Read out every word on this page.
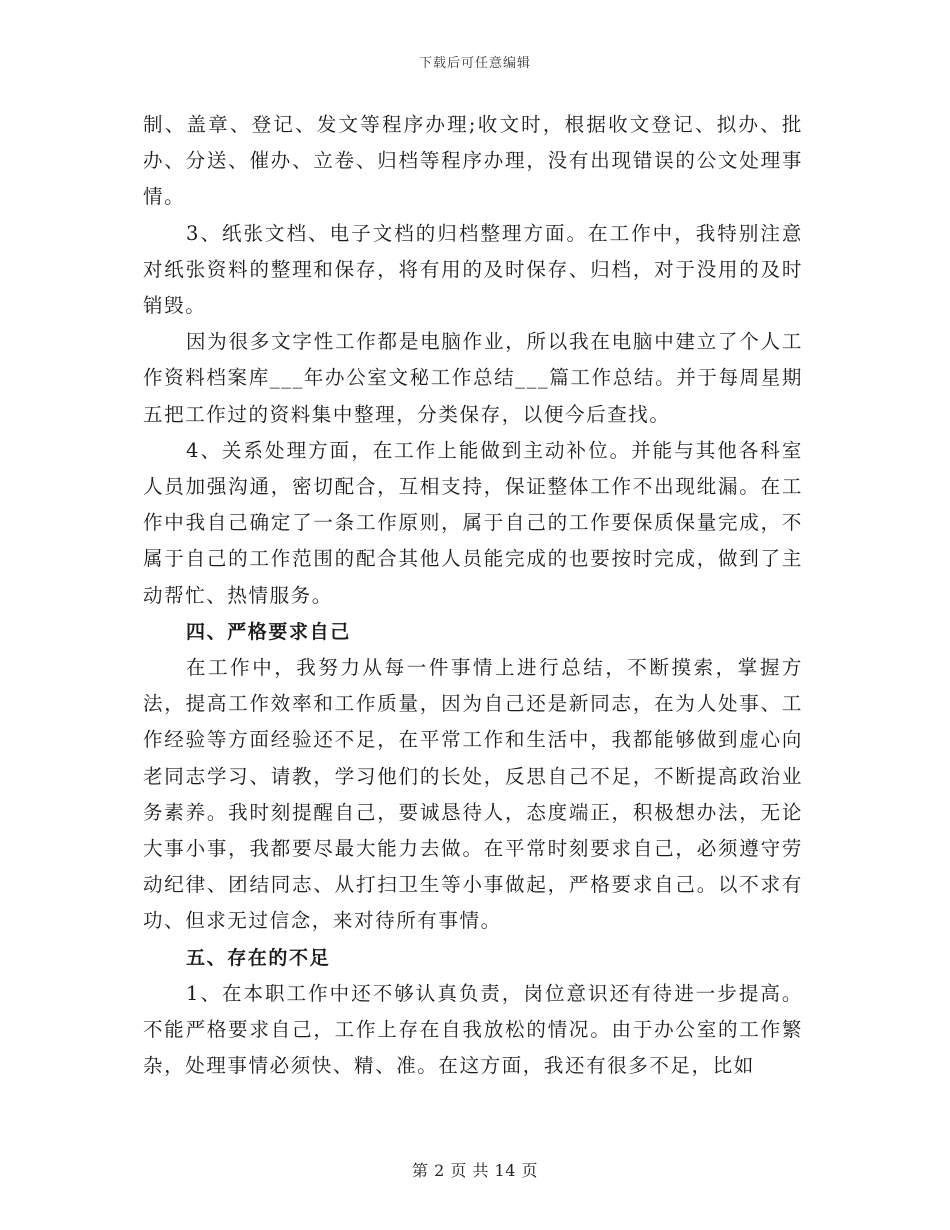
下载后可任意编辑

制、盖章、登记、发文等程序办理;收文时，根据收文登记、拟办、批办、分送、催办、立卷、归档等程序办理，没有出现错误的公文处理事情。

3、纸张文档、电子文档的归档整理方面。在工作中，我特别注意对纸张资料的整理和保存，将有用的及时保存、归档，对于没用的及时销毁。

因为很多文字性工作都是电脑作业，所以我在电脑中建立了个人工作资料档案库___年办公室文秘工作总结___篇工作总结。并于每周星期五把工作过的资料集中整理，分类保存，以便今后查找。

4、关系处理方面，在工作上能做到主动补位。并能与其他各科室人员加强沟通，密切配合，互相支持，保证整体工作不出现纰漏。在工作中我自己确定了一条工作原则，属于自己的工作要保质保量完成，不属于自己的工作范围的配合其他人员能完成的也要按时完成，做到了主动帮忙、热情服务。

四、严格要求自己

在工作中，我努力从每一件事情上进行总结，不断摸索，掌握方法，提高工作效率和工作质量，因为自己还是新同志，在为人处事、工作经验等方面经验还不足，在平常工作和生活中，我都能够做到虚心向老同志学习、请教，学习他们的长处，反思自己不足，不断提高政治业务素养。我时刻提醒自己，要诚恳待人，态度端正，积极想办法，无论大事小事，我都要尽最大能力去做。在平常时刻要求自己，必须遵守劳动纪律、团结同志、从打扫卫生等小事做起，严格要求自己。以不求有功、但求无过信念，来对待所有事情。

五、存在的不足

1、在本职工作中还不够认真负责，岗位意识还有待进一步提高。不能严格要求自己，工作上存在自我放松的情况。由于办公室的工作繁杂，处理事情必须快、精、准。在这方面，我还有很多不足，比如

第 2 页 共 14 页
